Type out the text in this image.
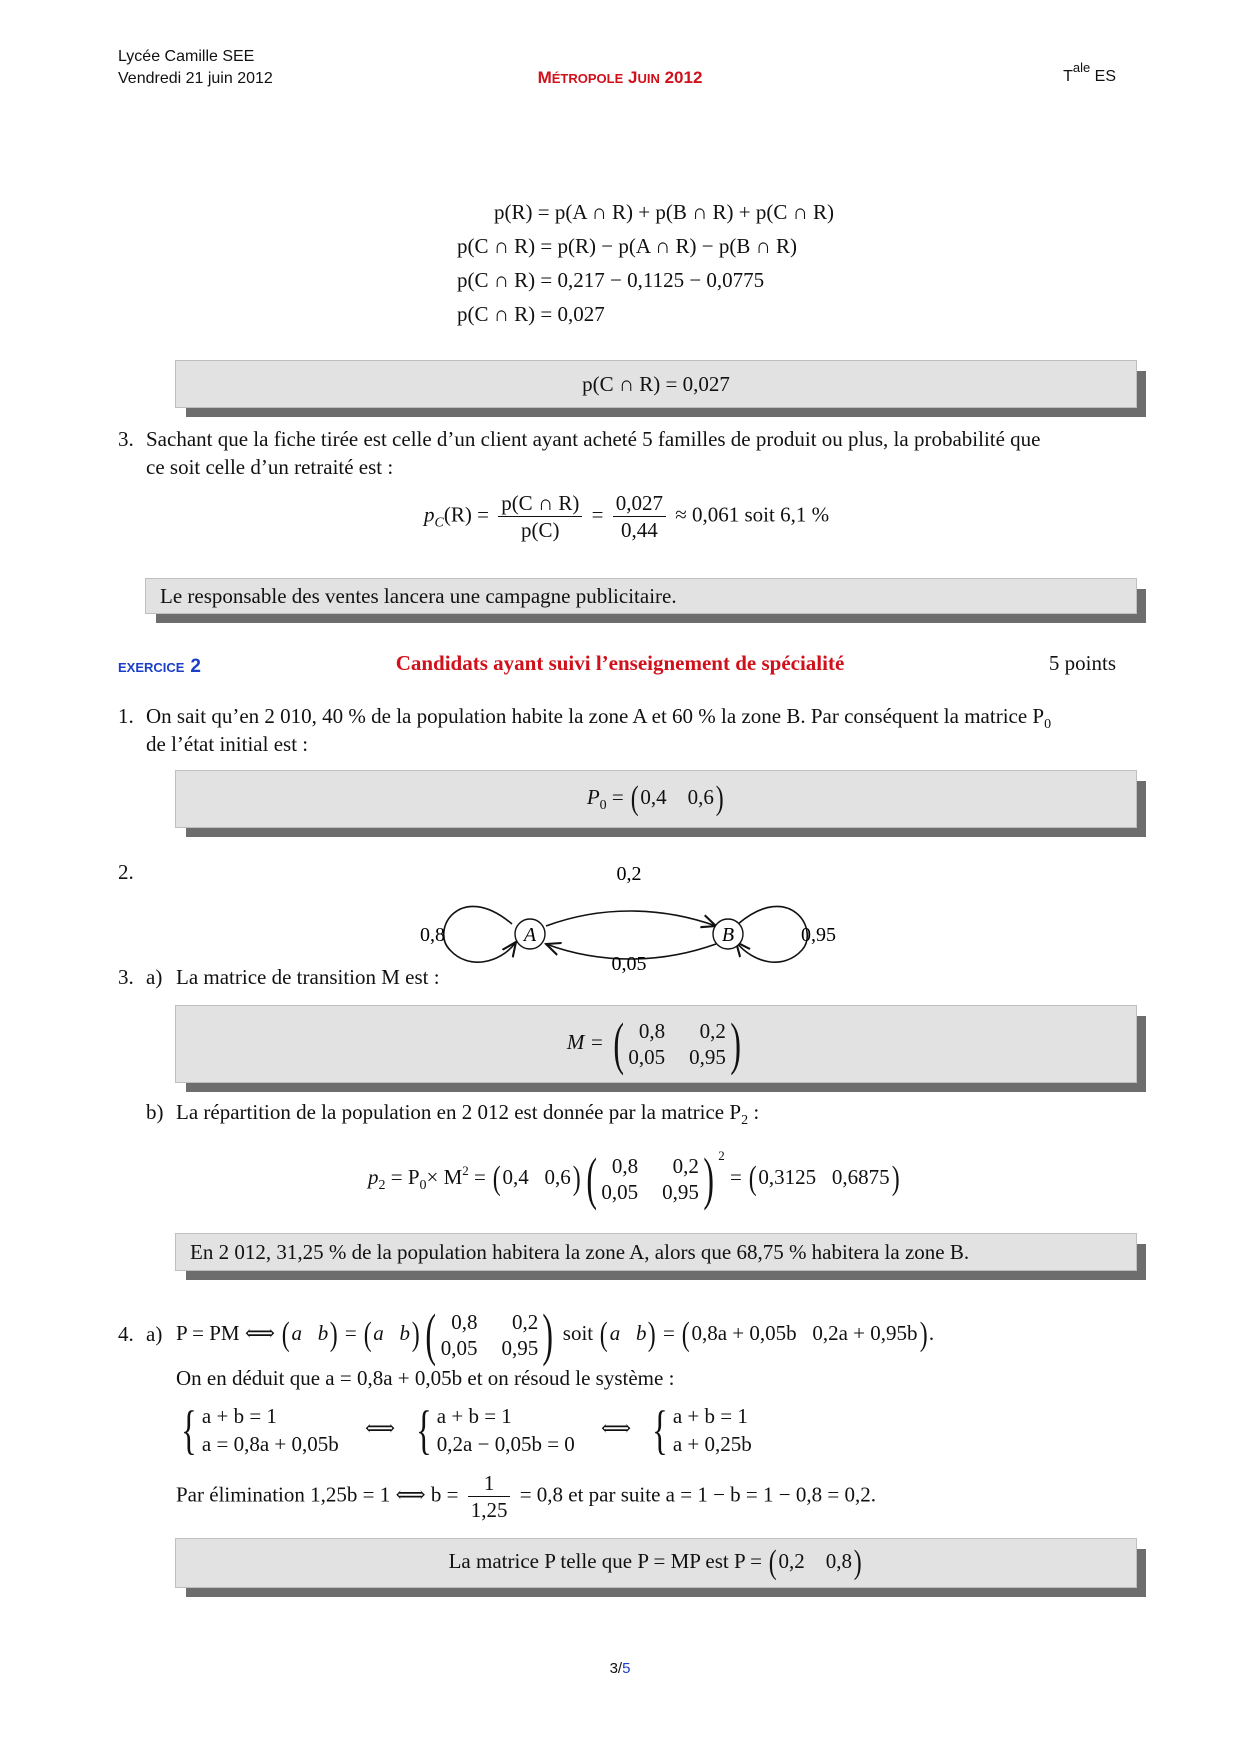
Lycée Camille SEE
Vendredi 21 juin 2012	MÉTROPOLE JUIN 2012	$T^{ale}$ ES
p(R) = p(A ∩ R) + p(B ∩ R) + p(C ∩ R)
p(C ∩ R) = p(R) − p(A ∩ R) − p(B ∩ R)
p(C ∩ R) = 0,217 − 0,1125 − 0,0775
p(C ∩ R) = 0,027
p(C ∩ R) = 0,027
3. Sachant que la fiche tirée est celle d’un client ayant acheté 5 familles de produit ou plus, la probabilité que
ce soit celle d’un retraité est :
$p_C(R) = \frac{p(C \cap R)}{p(C)} = \frac{0,027}{0,44} \approx 0,061$ soit 6,1 %
Le responsable des ventes lancera une campagne publicitaire.
EXERCICE 2	Candidats ayant suivi l’enseignement de spécialité	5 points
1. On sait qu’en 2 010, 40 % de la population habite la zone A et 60 % la zone B. Par conséquent la matrice $P_0$
de l’état initial est :
$P_0 = (0,4$ 0,6)
2.
A	B
0,2
0,05
0,8	0,95
3. a) La matrice de transition M est :
M = ( 0,8	0,2
0,05 0,95 )
b) La répartition de la population en 2 012 est donnée par la matrice $P_2$ :
$p_2 = P_0\times M^2 = (0,4$ 0,6) ( 0,8	0,2
0,05 0,95 ) $^2$ = (0,3125 0,6875)
En 2 012, 31,25 % de la population habitera la zone A, alors que 68,75 % habitera la zone B.
4. a) P = PM ⟺ (a b) = (a b) ( 0,8	0,2
0,05 0,95 ) soit (a b) = (0,8a + 0,05b 0,2a + 0,95b).
On en déduit que a = 0,8a + 0,05b et on résoud le système :
{ a + b = 1
a = 0,8a + 0,05b
⟺ { a + b = 1
0,2a − 0,05b = 0
⟺ { a + b = 1
a + 0,25b
Par élimination 1,25b = 1 ⟺ $b = \frac{1}{1,25} = 0,8$ et par suite a = 1 − b = 1 − 0,8 = 0,2.
La matrice P telle que P = MP est P = (0,2 0,8)
3/5
